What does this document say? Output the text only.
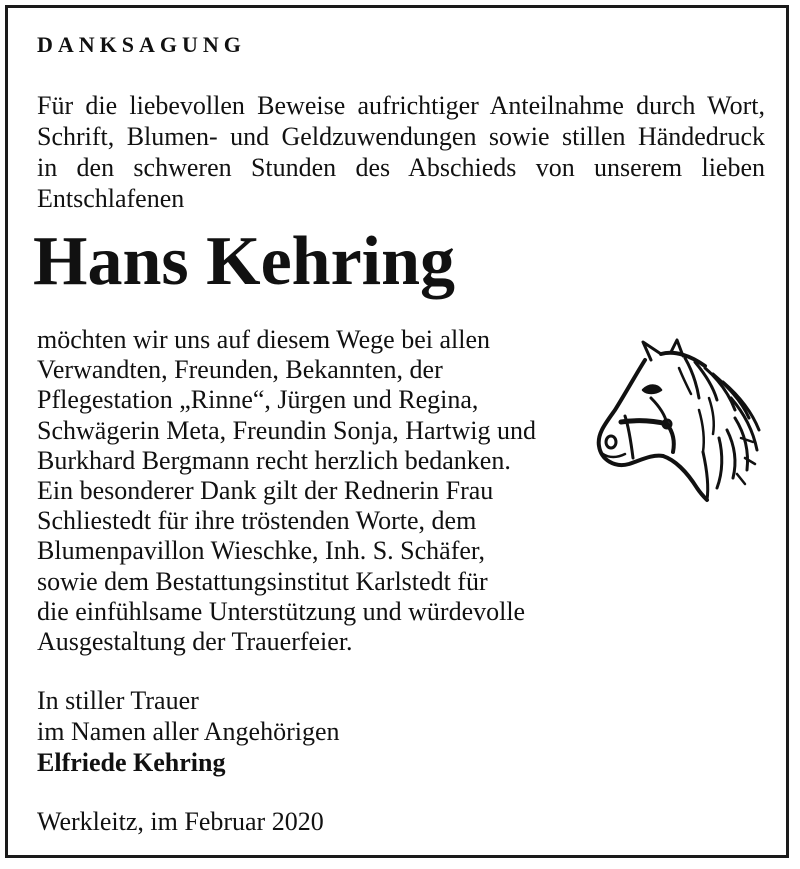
DANKSAGUNG
Für die liebevollen Beweise aufrichtiger Anteilnahme durch Wort,
Schrift, Blumen- und Geldzuwendungen sowie stillen Händedruck
in den schweren Stunden des Abschieds von unserem lieben
Entschlafenen
Hans Kehring
möchten wir uns auf diesem Wege bei allen
Verwandten, Freunden, Bekannten, der
Pflegestation „Rinne“, Jürgen und Regina,
Schwägerin Meta, Freundin Sonja, Hartwig und
Burkhard Bergmann recht herzlich bedanken.
Ein besonderer Dank gilt der Rednerin Frau
Schliestedt für ihre tröstenden Worte, dem
Blumenpavillon Wieschke, Inh. S. Schäfer,
sowie dem Bestattungsinstitut Karlstedt für
die einfühlsame Unterstützung und würdevolle
Ausgestaltung der Trauerfeier.
In stiller Trauer
im Namen aller Angehörigen
Elfriede Kehring

Werkleitz, im Februar 2020
